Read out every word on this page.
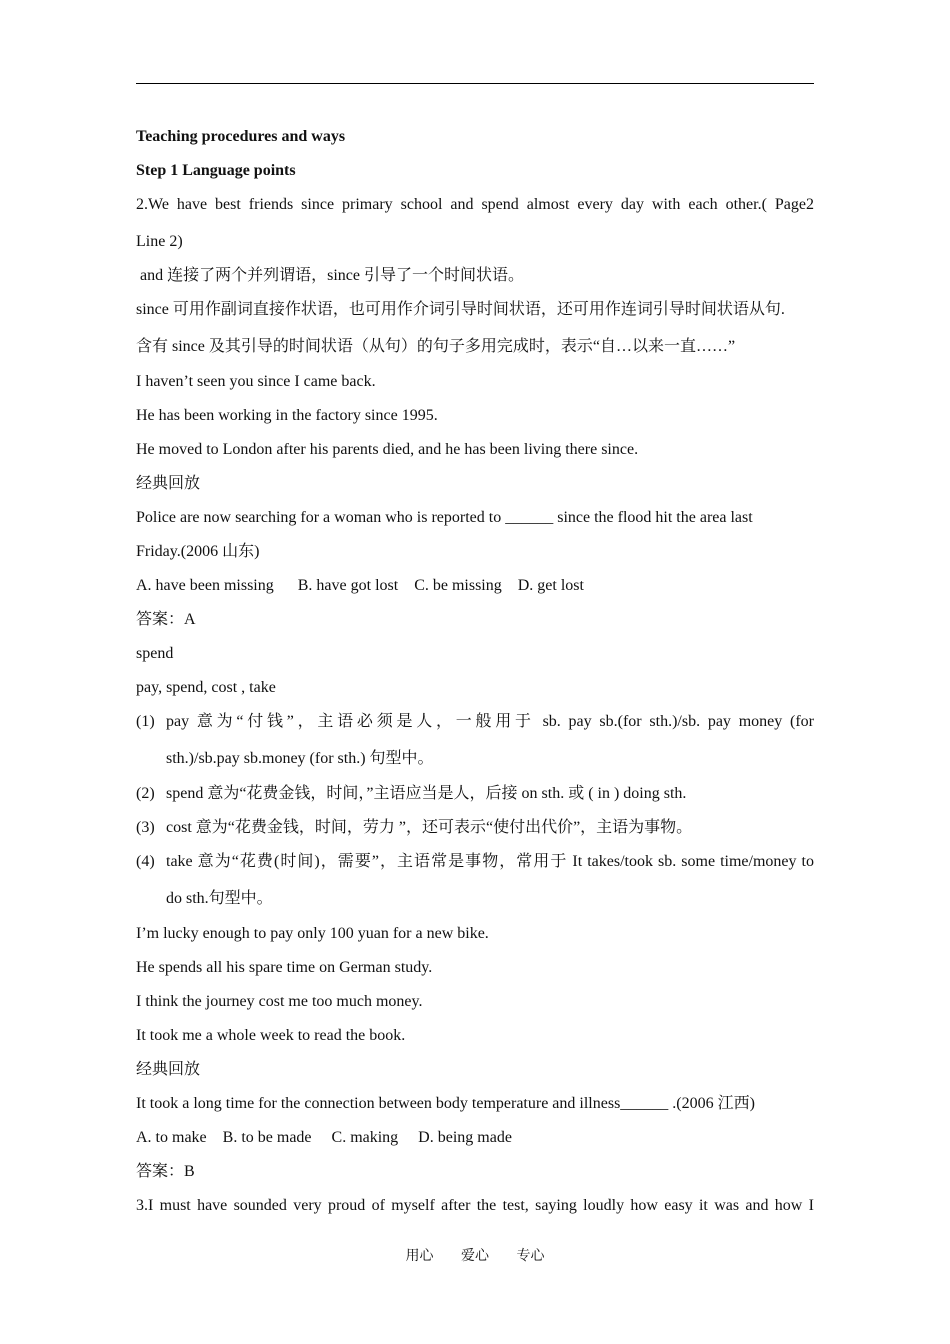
Teaching procedures and ways
Step 1 Language points
2.We have best friends since primary school and spend almost every day with each other.( Page2
Line 2)
and 连接了两个并列谓语，since 引导了一个时间状语。
since 可用作副词直接作状语，也可用作介词引导时间状语，还可用作连词引导时间状语从句.
含有 since 及其引导的时间状语（从句）的句子多用完成时，表示“自…以来一直……”
I haven’t seen you since I came back.
He has been working in the factory since 1995.
He moved to London after his parents died, and he has been living there since.
经典回放
Police are now searching for a woman who is reported to ______ since the flood hit the area last
Friday.(2006 山东)
A. have been missing      B. have got lost    C. be missing    D. get lost
答案：A
spend
pay, spend, cost , take
(1) pay 意为“付钱”，主语必须是人，一般用于 sb. pay sb.(for sth.)/sb. pay money (for
sth.)/sb.pay sb.money (for sth.) 句型中。
(2) spend 意为“花费金钱，时间，”主语应当是人，后接 on sth. 或 ( in ) doing sth.
(3) cost 意为“花费金钱，时间，劳力 ”，还可表示“使付出代价”，主语为事物。
(4) take 意为“花费(时间)，需要”，主语常是事物，常用于 It takes/took sb. some time/money to
do sth.句型中。
I’m lucky enough to pay only 100 yuan for a new bike.
He spends all his spare time on German study.
I think the journey cost me too much money.
It took me a whole week to read the book.
经典回放
It took a long time for the connection between body temperature and illness______ .(2006 江西)
A. to make    B. to be made     C. making     D. being made
答案：B
3.I must have sounded very proud of myself after the test, saying loudly how easy it was and how I
用心 爱心 专心
